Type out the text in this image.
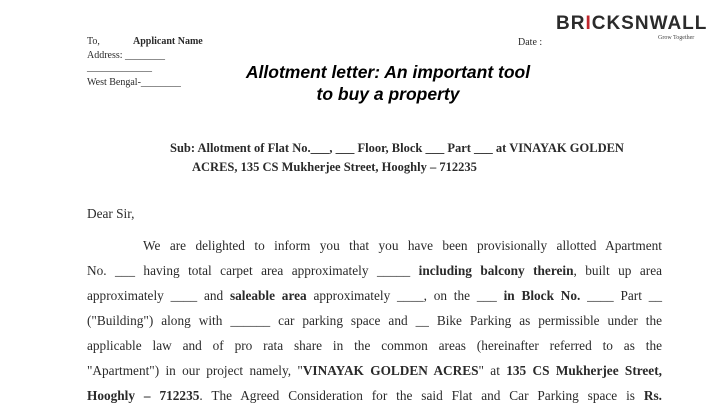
BRICKSNWALL
Grow Together
To,	Applicant Name	Date :
Address: ________
_____________
West Bengal-________
Allotment letter: An important tool
to buy a property
Sub: Allotment of Flat No.___, ___ Floor, Block ___ Part ___ at VINAYAK GOLDEN
ACRES, 135 CS Mukherjee Street, Hooghly – 712235
Dear Sir,
We are delighted to inform you that you have been provisionally allotted Apartment
No. ___ having total carpet area approximately _____ including balcony therein, built up area
approximately ____ and saleable area approximately ____, on the ___ in Block No. ____ Part __
("Building") along with ______ car parking space and __ Bike Parking as permissible under the
applicable law and of pro rata share in the common areas (hereinafter referred to as the
"Apartment") in our project namely, "VINAYAK GOLDEN ACRES" at 135 CS Mukherjee Street,
Hooghly – 712235. The Agreed Consideration for the said Flat and Car Parking space is Rs.
